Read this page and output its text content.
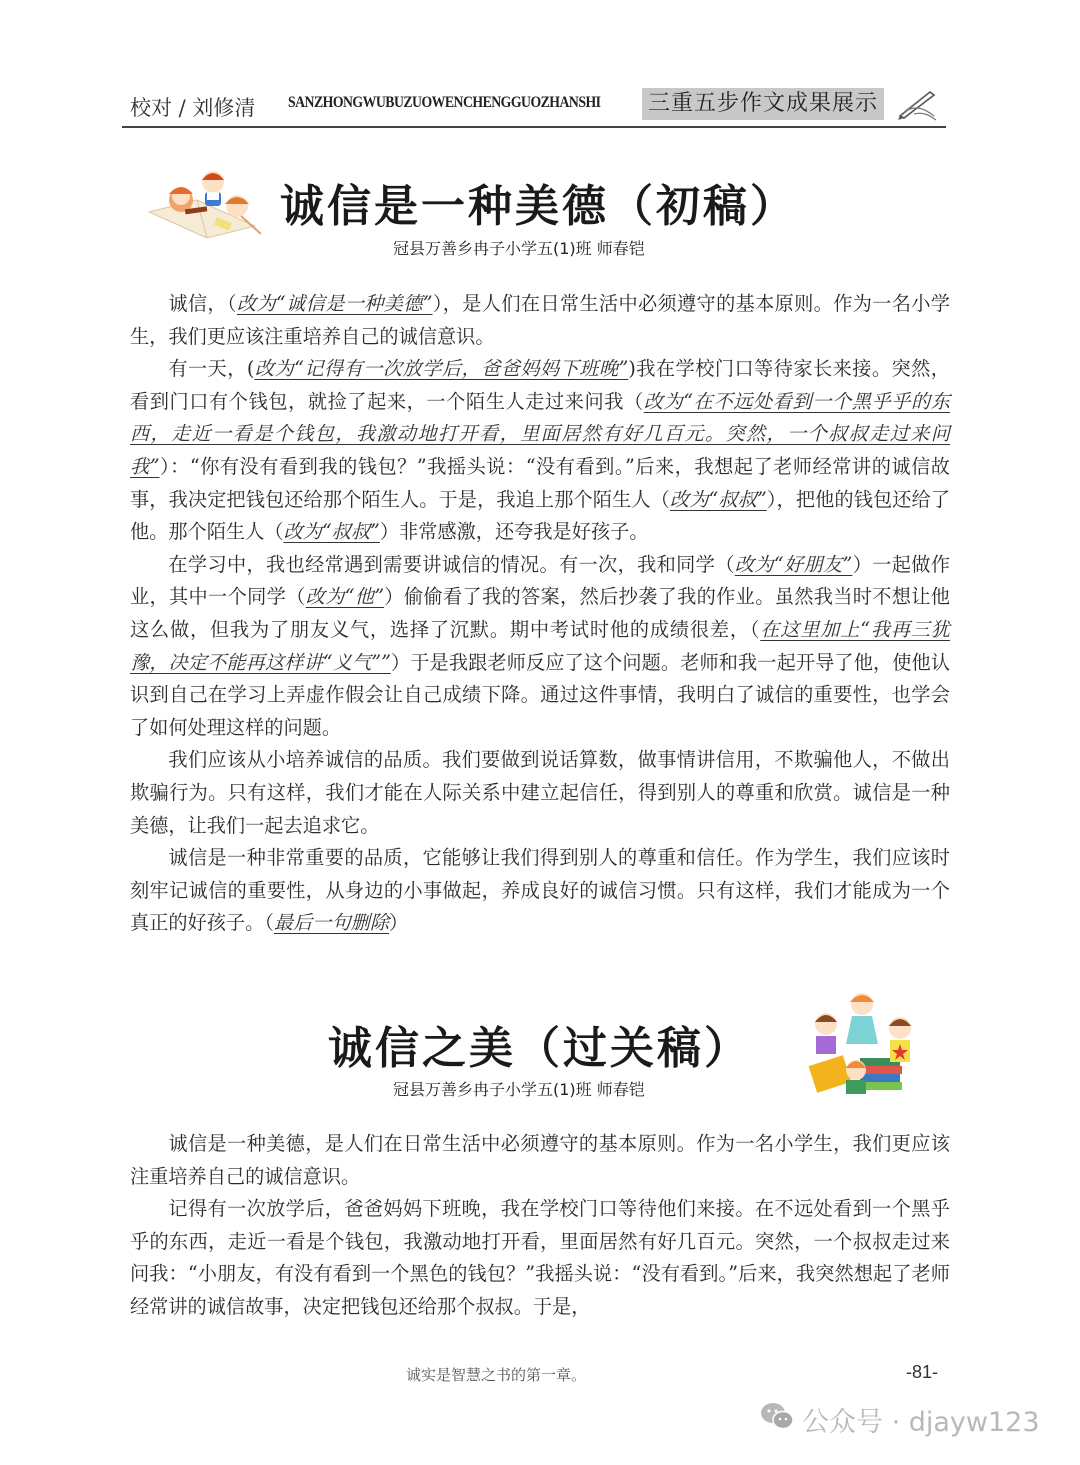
校对 / 刘修清 SANZHONGWUBUZUOWENCHENGGUOZHANSHI 三重五步作文成果展示
诚信是一种美德（初稿）
冠县万善乡冉子小学五(1)班 师春铠

诚信，（改为“诚信是一种美德”），是人们在日常生活中必须遵守的基本原则。作为一名小学生，我们更应该注重培养自己的诚信意识。

有一天，(改为“记得有一次放学后，爸爸妈妈下班晚”)我在学校门口等待家长来接。突然，看到门口有个钱包，就捡了起来，一个陌生人走过来问我（改为“在不远处看到一个黑乎乎的东西，走近一看是个钱包，我激动地打开看，里面居然有好几百元。突然，一个叔叔走过来问我”）：“你有没有看到我的钱包？”我摇头说：“没有看到。”后来，我想起了老师经常讲的诚信故事，我决定把钱包还给那个陌生人。于是，我追上那个陌生人（改为“叔叔”），把他的钱包还给了他。那个陌生人（改为“叔叔”）非常感激，还夸我是好孩子。

在学习中，我也经常遇到需要讲诚信的情况。有一次，我和同学（改为“好朋友”）一起做作业，其中一个同学（改为“他”）偷偷看了我的答案，然后抄袭了我的作业。虽然我当时不想让他这么做，但我为了朋友义气，选择了沉默。期中考试时他的成绩很差，（在这里加上“我再三犹豫，决定不能再这样讲“义气””）于是我跟老师反应了这个问题。老师和我一起开导了他，使他认识到自己在学习上弄虚作假会让自己成绩下降。通过这件事情，我明白了诚信的重要性，也学会了如何处理这样的问题。

我们应该从小培养诚信的品质。我们要做到说话算数，做事情讲信用，不欺骗他人，不做出欺骗行为。只有这样，我们才能在人际关系中建立起信任，得到别人的尊重和欣赏。诚信是一种美德，让我们一起去追求它。

诚信是一种非常重要的品质，它能够让我们得到别人的尊重和信任。作为学生，我们应该时刻牢记诚信的重要性，从身边的小事做起，养成良好的诚信习惯。只有这样，我们才能成为一个真正的好孩子。（最后一句删除）

诚信之美（过关稿）
冠县万善乡冉子小学五(1)班 师春铠

诚信是一种美德，是人们在日常生活中必须遵守的基本原则。作为一名小学生，我们更应该注重培养自己的诚信意识。

记得有一次放学后，爸爸妈妈下班晚，我在学校门口等待他们来接。在不远处看到一个黑乎乎的东西，走近一看是个钱包，我激动地打开看，里面居然有好几百元。突然，一个叔叔走过来问我：“小朋友，有没有看到一个黑色的钱包？”我摇头说：“没有看到。”后来，我突然想起了老师经常讲的诚信故事，决定把钱包还给那个叔叔。于是，

诚实是智慧之书的第一章。	-81-
公众号 · djayw123
